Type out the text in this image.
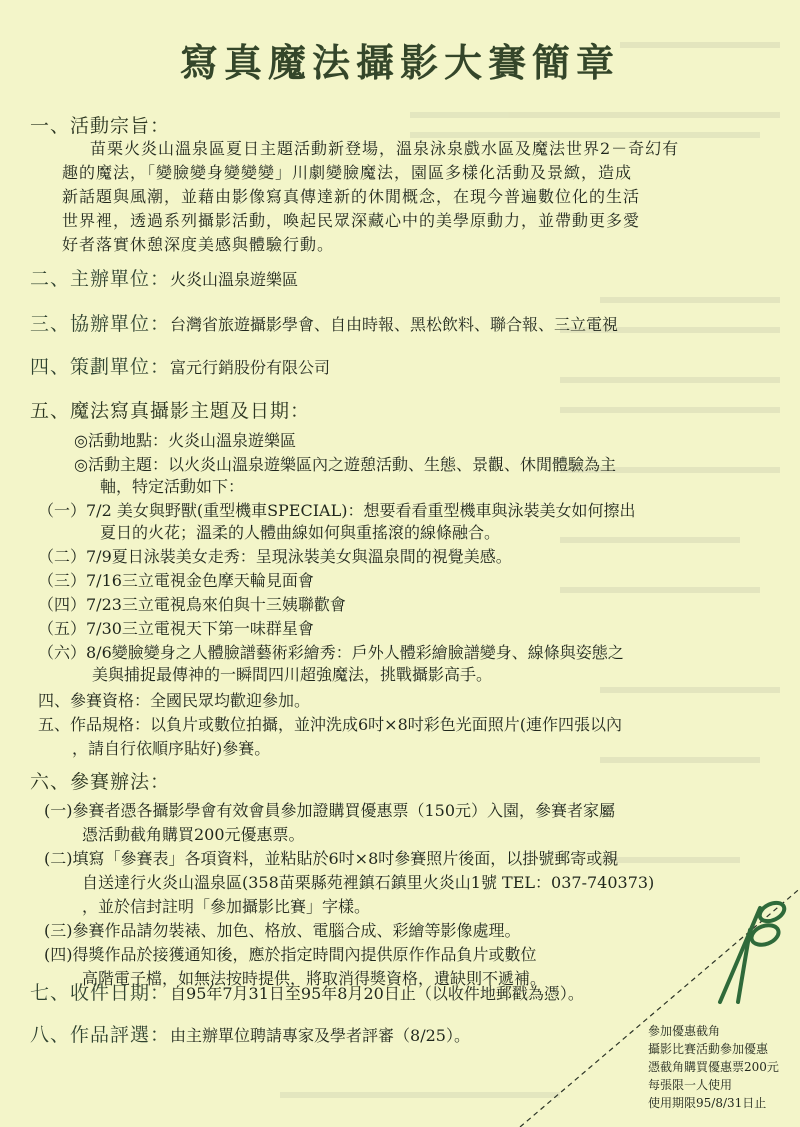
寫真魔法攝影大賽簡章
一、活動宗旨：
苗栗火炎山溫泉區夏日主題活動新登場，溫泉泳泉戲水區及魔法世界2－奇幻有
趣的魔法，「變臉變身變變變」川劇變臉魔法，園區多樣化活動及景緻，造成
新話題與風潮，並藉由影像寫真傳達新的休閒概念，在現今普遍數位化的生活
世界裡，透過系列攝影活動，喚起民眾深藏心中的美學原動力，並帶動更多愛
好者落實休憩深度美感與體驗行動。
二、主辦單位：火炎山溫泉遊樂區
三、協辦單位：台灣省旅遊攝影學會、自由時報、黑松飲料、聯合報、三立電視
四、策劃單位：富元行銷股份有限公司
五、魔法寫真攝影主題及日期：
◎活動地點：火炎山溫泉遊樂區
◎活動主題：以火炎山溫泉遊樂區內之遊憩活動、生態、景觀、休閒體驗為主
軸，特定活動如下：
（一）7/2 美女與野獸(重型機車SPECIAL)：想要看看重型機車與泳裝美女如何擦出
夏日的火花；溫柔的人體曲線如何與重搖滾的線條融合。
（二）7/9夏日泳裝美女走秀：呈現泳裝美女與溫泉間的視覺美感。
（三）7/16三立電視金色摩天輪見面會
（四）7/23三立電視鳥來伯與十三姨聯歡會
（五）7/30三立電視天下第一味群星會
（六）8/6變臉變身之人體臉譜藝術彩繪秀：戶外人體彩繪臉譜變身、線條與姿態之
美與捕捉最傳神的一瞬間四川超強魔法，挑戰攝影高手。
四、參賽資格：全國民眾均歡迎參加。
五、作品規格：以負片或數位拍攝，並沖洗成6吋×8吋彩色光面照片(連作四張以內
，請自行依順序貼好)參賽。
六、參賽辦法：
(一)參賽者憑各攝影學會有效會員參加證購買優惠票（150元）入園，參賽者家屬
憑活動截角購買200元優惠票。
(二)填寫「參賽表」各項資料，並粘貼於6吋×8吋參賽照片後面，以掛號郵寄或親
自送達行火炎山溫泉區(358苗栗縣苑裡鎮石鎮里火炎山1號 TEL：037-740373)
，並於信封註明「參加攝影比賽」字樣。
(三)參賽作品請勿裝裱、加色、格放、電腦合成、彩繪等影像處理。
(四)得獎作品於接獲通知後，應於指定時間內提供原作作品負片或數位
高階電子檔，如無法按時提供，將取消得獎資格，遺缺則不遞補。
七、收件日期：自95年7月31日至95年8月20日止（以收件地郵戳為憑）。
八、作品評選：由主辦單位聘請專家及學者評審（8/25）。	參加優惠截角
攝影比賽活動參加優惠
憑截角購買優惠票200元
每張限一人使用
使用期限95/8/31日止
